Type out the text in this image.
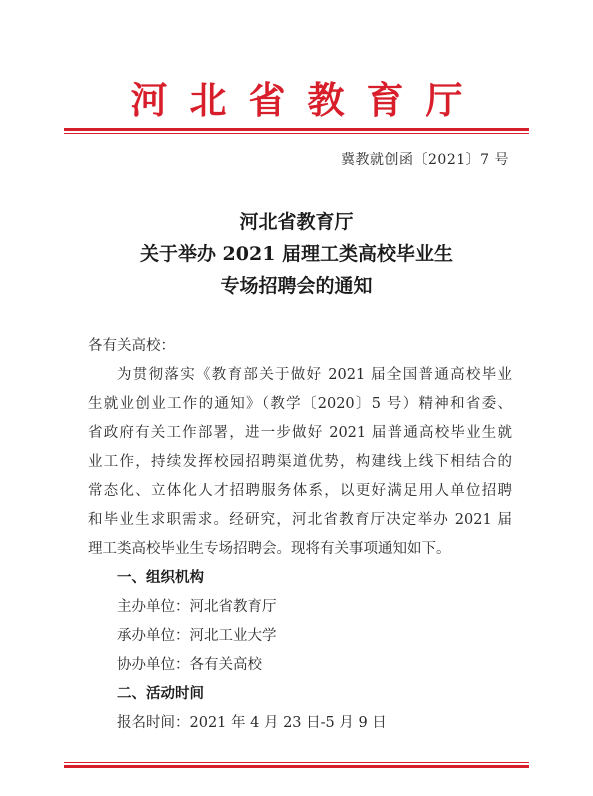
河北省教育厅
冀教就创函〔2021〕7 号
河北省教育厅
关于举办 2021 届理工类高校毕业生
专场招聘会的通知
各有关高校：
为贯彻落实《教育部关于做好 2021 届全国普通高校毕业
生就业创业工作的通知》（教学〔2020〕5 号）精神和省委、
省政府有关工作部署，进一步做好 2021 届普通高校毕业生就
业工作，持续发挥校园招聘渠道优势，构建线上线下相结合的
常态化、立体化人才招聘服务体系，以更好满足用人单位招聘
和毕业生求职需求。经研究，河北省教育厅决定举办 2021 届
理工类高校毕业生专场招聘会。现将有关事项通知如下。
一、组织机构
主办单位：河北省教育厅
承办单位：河北工业大学
协办单位：各有关高校
二、活动时间
报名时间：2021 年 4 月 23 日-5 月 9 日
